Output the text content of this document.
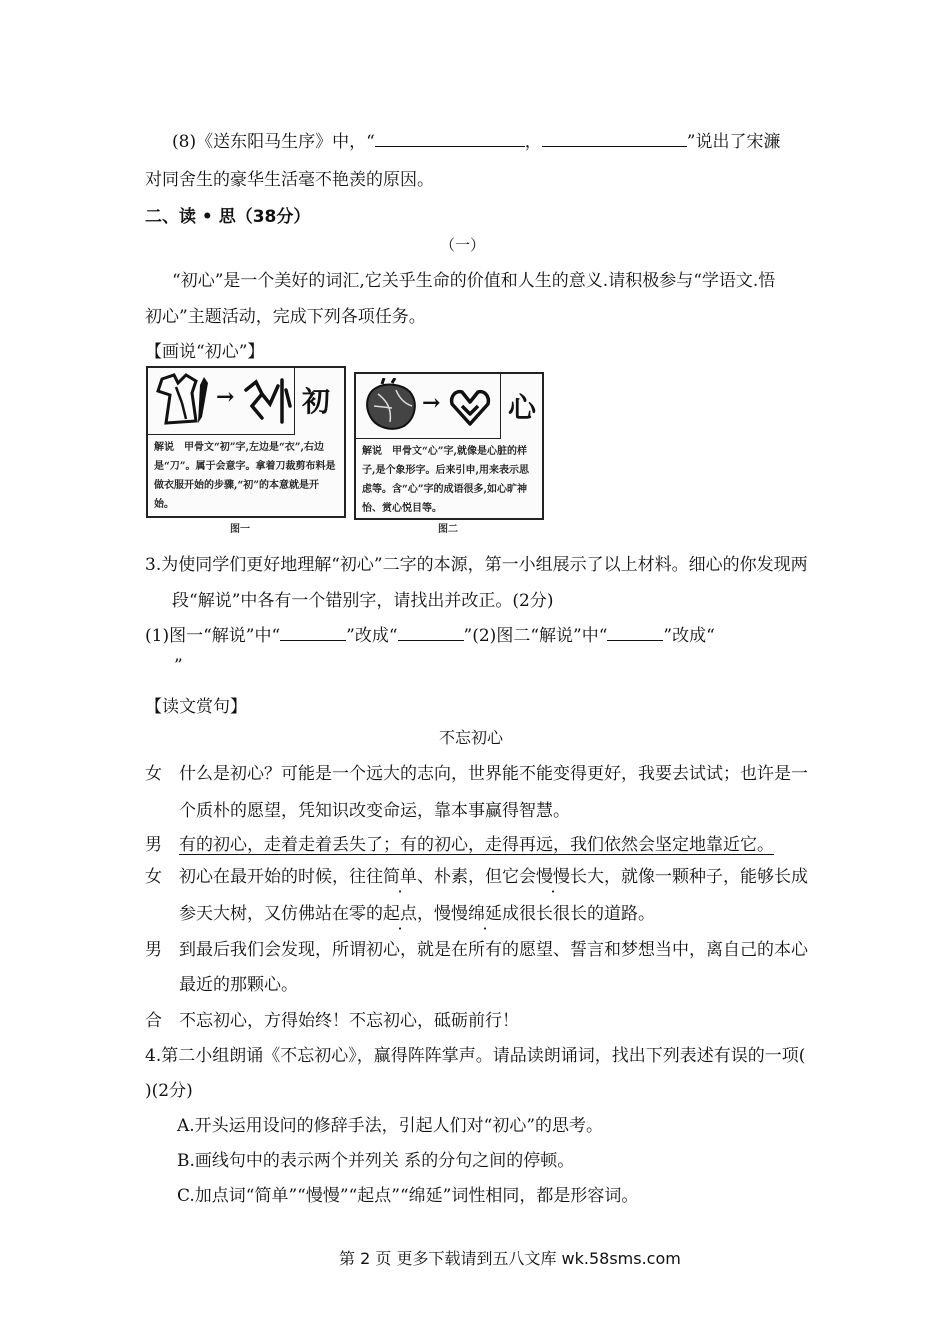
(8)《送东阳马生序》中，“	，	”说出了宋濂
对同舍生的豪华生活毫不艳羡的原因。
二、读 • 思（38分）
（一）
“初心”是一个美好的词汇,它关乎生命的价值和人生的意义.请积极参与“学语文.悟
初心”主题活动，完成下列各项任务。
【画说“初心”】
→ 初
解说　甲骨文“初”字,左边是“衣”,右边是“刀”。属于会意字。拿着刀裁剪布料是做衣服开始的步骤,“初”的本意就是开始。
图一
→ 心
解说　甲骨文“心”字,就像是心脏的样子,是个象形字。后来引申,用来表示思虑等。含“心”字的成语很多,如心旷神怡、赏心悦目等。
图二
3.为使同学们更好地理解“初心”二字的本源，第一小组展示了以上材料。细心的你发现两
段“解说”中各有一个错别字，请找出并改正。(2分)
(1)图一“解说”中“	”改成“	”(2)图二“解说”中“	”改成“
”
【读文赏句】
不忘初心
女 什么是初心？可能是一个远大的志向，世界能不能变得更好，我要去试试；也许是一
个质朴的愿望，凭知识改变命运，靠本事赢得智慧。
男 有的初心，走着走着丢失了；有的初心，走得再远，我们依然会坚定地靠近它。
女 初心在最开始的时候，往往简单、朴素，但它会慢慢长大，就像一颗种子，能够长成
参天大树，又仿佛站在零的起点，慢慢绵延成很长很长的道路。
男 到最后我们会发现，所谓初心，就是在所有的愿望、誓言和梦想当中，离自己的本心
最近的那颗心。
合 不忘初心，方得始终！不忘初心，砥砺前行！
4.第二小组朗诵《不忘初心》，赢得阵阵掌声。请品读朗诵词，找出下列表述有误的一项(
)(2分)
A.开头运用设问的修辞手法，引起人们对“初心”的思考。
B.画线句中的表示两个并列关 系的分句之间的停顿。
C.加点词“简单”“慢慢”“起点”“绵延”词性相同，都是形容词。
第 2 页 更多下载请到五八文库 wk.58sms.com
